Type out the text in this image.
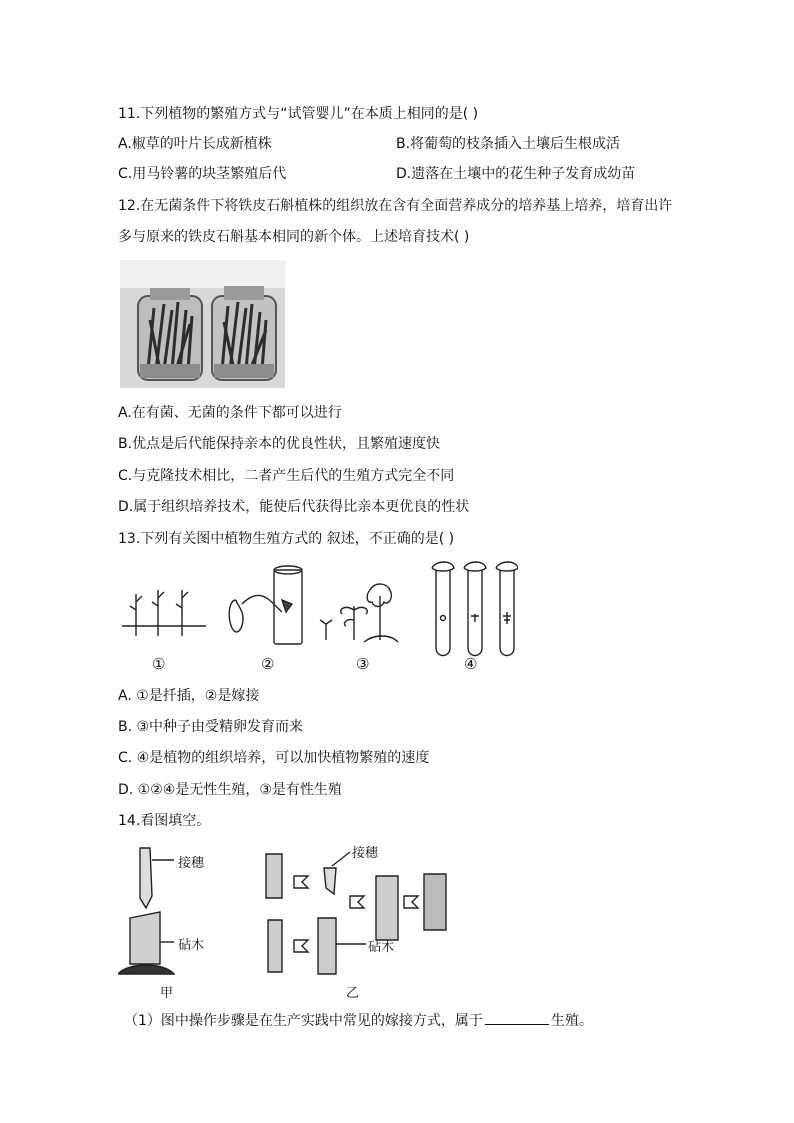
11.下列植物的繁殖方式与“试管婴儿”在本质上相同的是( )
A.椒草的叶片长成新植株	B.将葡萄的枝条插入土壤后生根成活
C.用马铃薯的块茎繁殖后代	D.遗落在土壤中的花生种子发育成幼苗
12.在无菌条件下将铁皮石斛植株的组织放在含有全面营养成分的培养基上培养，培育出许
多与原来的铁皮石斛基本相同的新个体。上述培育技术( )
A.在有菌、无菌的条件下都可以进行
B.优点是后代能保持亲本的优良性状，且繁殖速度快
C.与克隆技术相比，二者产生后代的生殖方式完全不同
D.属于组织培养技术，能使后代获得比亲本更优良的性状
13.下列有关图中植物生殖方式的 叙述，不正确的是( )
①	②	③	④
A. ①是扦插，②是嫁接
B. ③中种子由受精卵发育而来
C. ④是植物的组织培养，可以加快植物繁殖的速度
D. ①②④是无性生殖，③是有性生殖
14.看图填空。
接穗
砧木
接穗
砧木
甲	乙
（1）图中操作步骤是在生产实践中常见的嫁接方式，属于	生殖。
